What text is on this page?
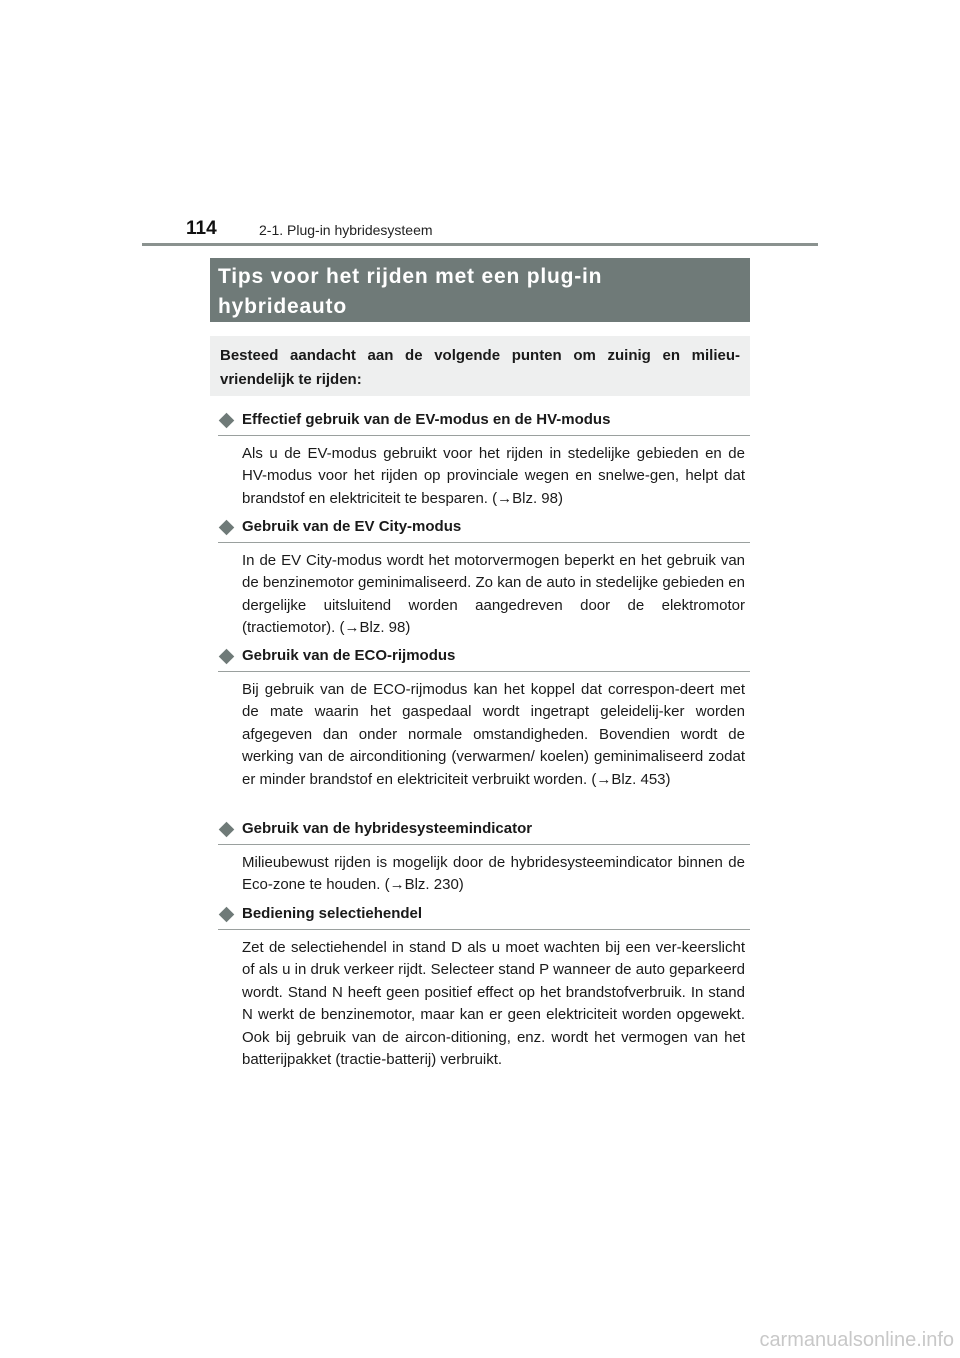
114	2-1. Plug-in hybridesysteem
Tips voor het rijden met een plug-in
hybrideauto
Besteed aandacht aan de volgende punten om zuinig en milieu-vriendelijk te rijden:
Effectief gebruik van de EV-modus en de HV-modus
Als u de EV-modus gebruikt voor het rijden in stedelijke gebieden en de HV-modus voor het rijden op provinciale wegen en snelwe-gen, helpt dat brandstof en elektriciteit te besparen. (→Blz. 98)
Gebruik van de EV City-modus
In de EV City-modus wordt het motorvermogen beperkt en het gebruik van de benzinemotor geminimaliseerd. Zo kan de auto in stedelijke gebieden en dergelijke uitsluitend worden aangedreven door de elektromotor (tractiemotor). (→Blz. 98)
Gebruik van de ECO-rijmodus
Bij gebruik van de ECO-rijmodus kan het koppel dat correspon-deert met de mate waarin het gaspedaal wordt ingetrapt geleidelij-ker worden afgegeven dan onder normale omstandigheden. Bovendien wordt de werking van de airconditioning (verwarmen/ koelen) geminimaliseerd zodat er minder brandstof en elektriciteit verbruikt worden. (→Blz. 453)
Gebruik van de hybridesysteemindicator
Milieubewust rijden is mogelijk door de hybridesysteemindicator binnen de Eco-zone te houden. (→Blz. 230)
Bediening selectiehendel
Zet de selectiehendel in stand D als u moet wachten bij een ver-keerslicht of als u in druk verkeer rijdt. Selecteer stand P wanneer de auto geparkeerd wordt. Stand N heeft geen positief effect op het brandstofverbruik. In stand N werkt de benzinemotor, maar kan er geen elektriciteit worden opgewekt. Ook bij gebruik van de aircon-ditioning, enz. wordt het vermogen van het batterijpakket (tractie-batterij) verbruikt.
carmanualsonline.info
